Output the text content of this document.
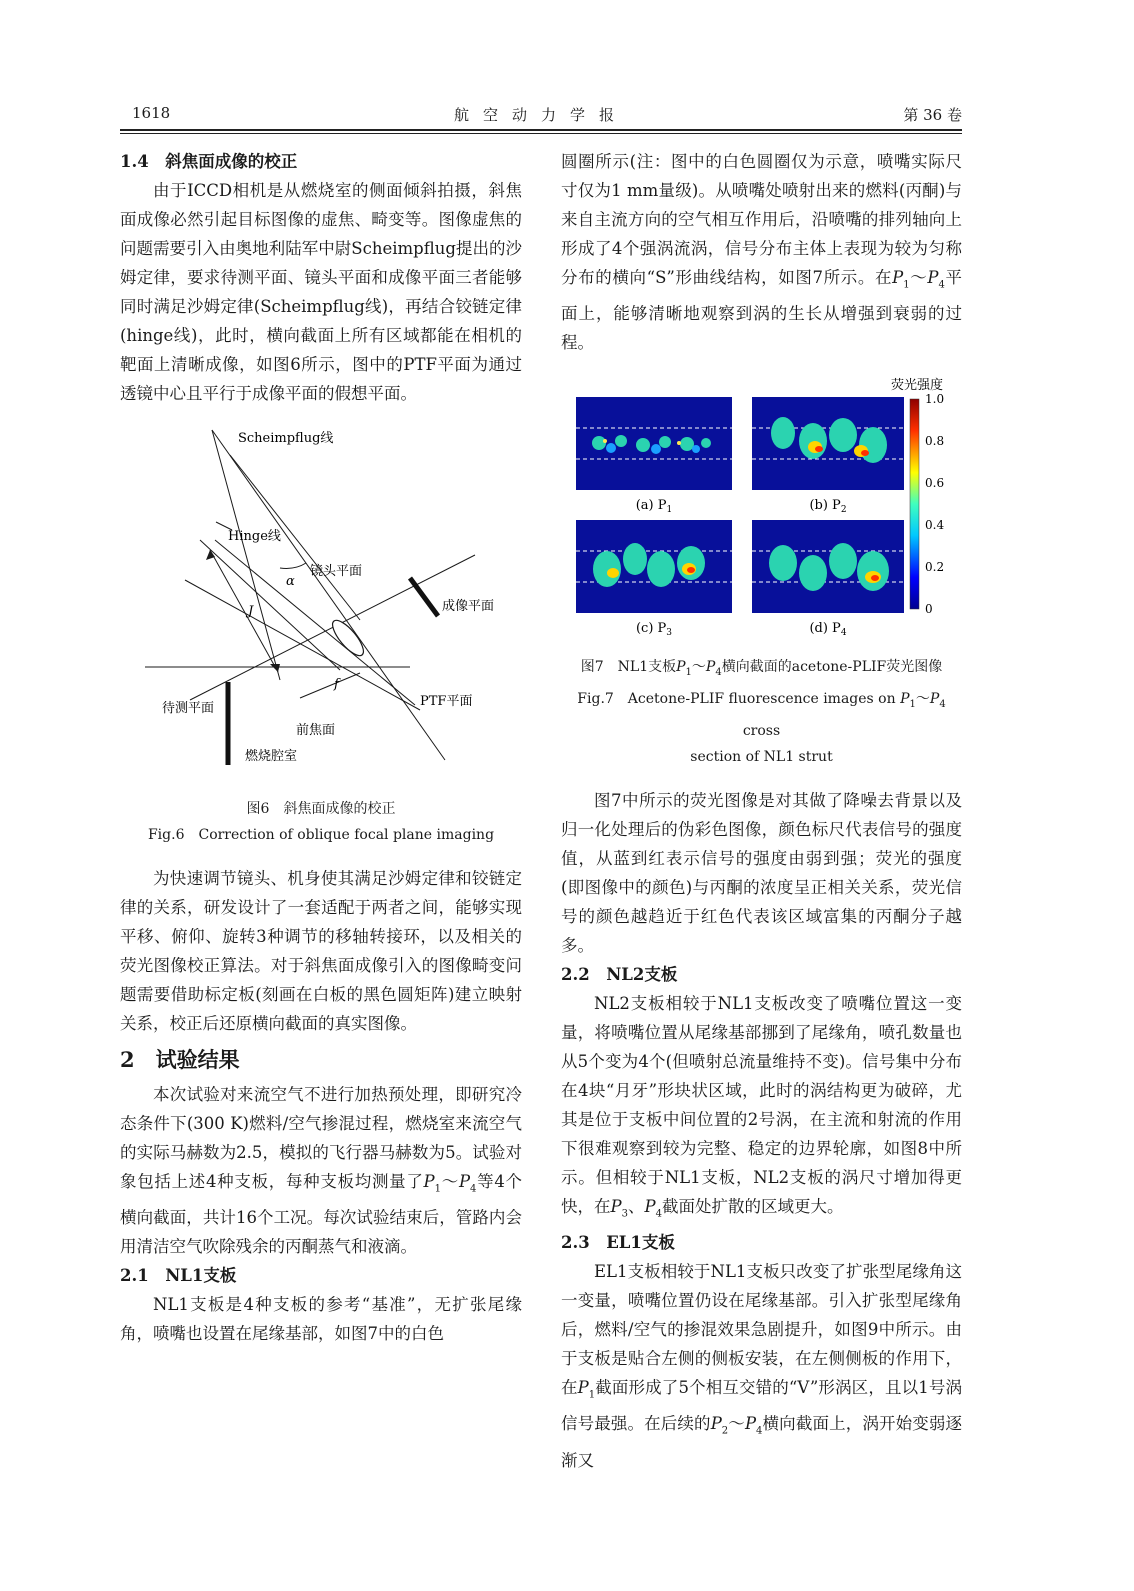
1618	航空动力学报	第 36 卷
1.4　斜焦面成像的校正

由于ICCD相机是从燃烧室的侧面倾斜拍摄，斜焦面成像必然引起目标图像的虚焦、畸变等。图像虚焦的问题需要引入由奥地利陆军中尉Scheimpflug提出的沙姆定律，要求待测平面、镜头平面和成像平面三者能够同时满足沙姆定律(Scheimpflug线)，再结合铰链定律(hinge线)，此时，横向截面上所有区域都能在相机的靶面上清晰成像，如图6所示，图中的PTF平面为通过透镜中心且平行于成像平面的假想平面。

Scheimpflug线
Hinge线
镜头平面
α
成像平面
J
f
PTF平面
待测平面
前焦面
燃烧腔室
图6　斜焦面成像的校正
Fig.6　Correction of oblique focal plane imaging

为快速调节镜头、机身使其满足沙姆定律和铰链定律的关系，研发设计了一套适配于两者之间，能够实现平移、俯仰、旋转3种调节的移轴转接环，以及相关的荧光图像校正算法。对于斜焦面成像引入的图像畸变问题需要借助标定板(刻画在白板的黑色圆矩阵)建立映射关系，校正后还原横向截面的真实图像。

2　试验结果

本次试验对来流空气不进行加热预处理，即研究冷态条件下(300 K)燃料/空气掺混过程，燃烧室来流空气的实际马赫数为2.5，模拟的飞行器马赫数为5。试验对象包括上述4种支板，每种支板均测量了$P_1\sim P_4$等4个横向截面，共计16个工况。每次试验结束后，管路内会用清洁空气吹除残余的丙酮蒸气和液滴。

2.1　NL1支板

NL1支板是4种支板的参考“基准”，无扩张尾缘角，喷嘴也设置在尾缘基部，如图7中的白色

圆圈所示(注：图中的白色圆圈仅为示意，喷嘴实际尺寸仅为1 mm量级)。从喷嘴处喷射出来的燃料(丙酮)与来自主流方向的空气相互作用后，沿喷嘴的排列轴向上形成了4个强涡流涡，信号分布主体上表现为较为匀称分布的横向“S”形曲线结构，如图7所示。在$P_1\sim P_4$平面上，能够清晰地观察到涡的生长从增强到衰弱的过程。

荧光强度
1.0
0.8
0.6
0.4
0.2
0
(a) $P_1$	(b) $P_2$
(c) $P_3$	(d) $P_4$
图7　NL1支板$P_1\sim P_4$横向截面的acetone-PLIF荧光图像
Fig.7　Acetone-PLIF fluorescence images on $P_1\sim P_4$ cross
section of NL1 strut

图7中所示的荧光图像是对其做了降噪去背景以及归一化处理后的伪彩色图像，颜色标尺代表信号的强度值，从蓝到红表示信号的强度由弱到强；荧光的强度(即图像中的颜色)与丙酮的浓度呈正相关关系，荧光信号的颜色越趋近于红色代表该区域富集的丙酮分子越多。

2.2　NL2支板

NL2支板相较于NL1支板改变了喷嘴位置这一变量，将喷嘴位置从尾缘基部挪到了尾缘角，喷孔数量也从5个变为4个(但喷射总流量维持不变)。信号集中分布在4块“月牙”形块状区域，此时的涡结构更为破碎，尤其是位于支板中间位置的2号涡，在主流和射流的作用下很难观察到较为完整、稳定的边界轮廓，如图8中所示。但相较于NL1支板，NL2支板的涡尺寸增加得更快，在$P_3$、$P_4$截面处扩散的区域更大。

2.3　EL1支板

EL1支板相较于NL1支板只改变了扩张型尾缘角这一变量，喷嘴位置仍设在尾缘基部。引入扩张型尾缘角后，燃料/空气的掺混效果急剧提升，如图9中所示。由于支板是贴合左侧的侧板安装，在左侧侧板的作用下，在$P_1$截面形成了5个相互交错的“V”形涡区，且以1号涡信号最强。在后续的$P_2\sim P_4$横向截面上，涡开始变弱逐渐又
